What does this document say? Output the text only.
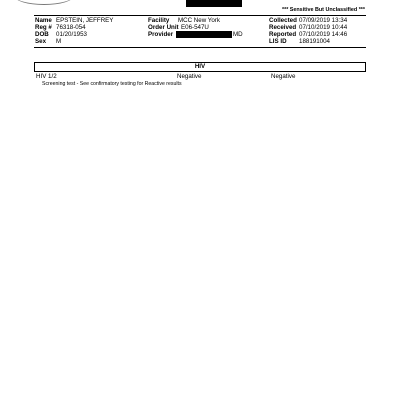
*** Sensitive But Unclassified ***
Name EPSTEIN, JEFFREY
Reg # 76318-054
DOB 01/20/1953
Sex M
Facility MCC New York
Order Unit E06-547U
Provider	MD
Collected 07/09/2019 13:34
Received 07/10/2019 10:44
Reported 07/10/2019 14:46
LIS ID 188191004
HIV
HIV 1/2	Negative	Negative
Screening test - See confirmatory testing for Reactive results
